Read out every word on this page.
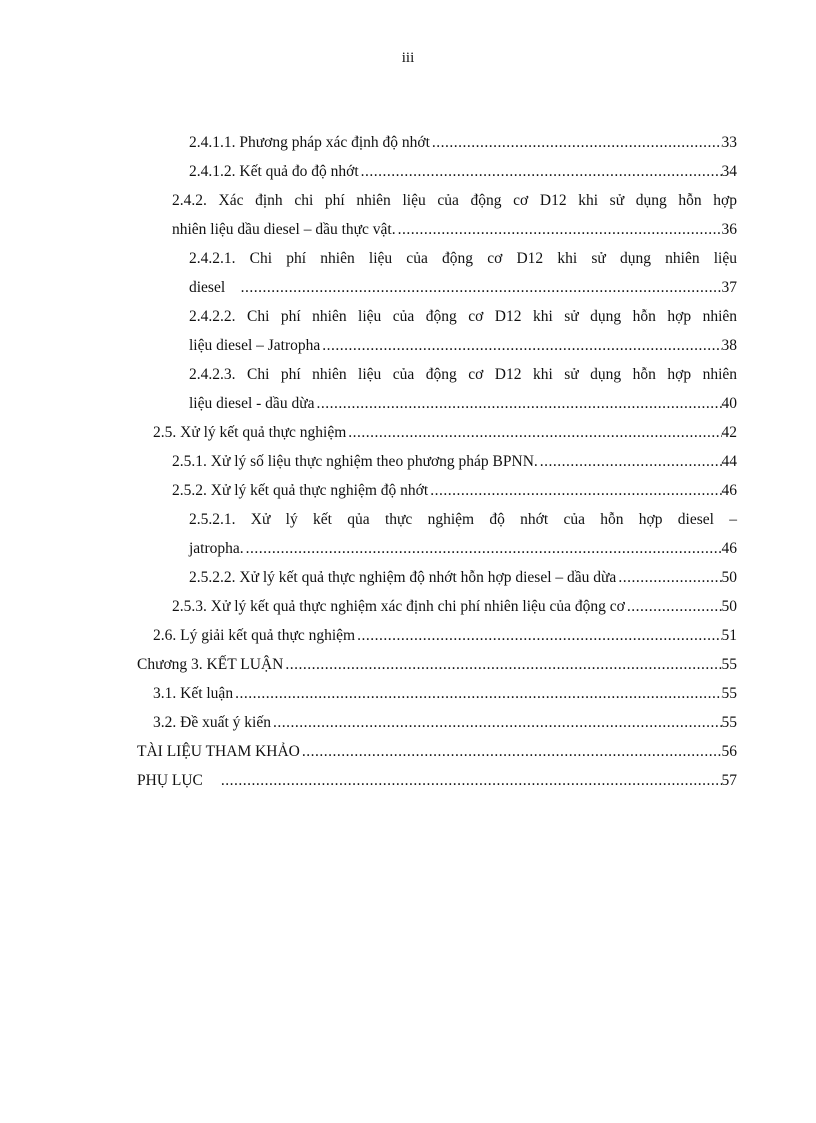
iii
2.4.1.1. Phương pháp xác định độ nhớt .....	33
2.4.1.2. Kết quả đo độ nhớt .....	34
2.4.2. Xác định chi phí nhiên liệu của động cơ D12 khi sử dụng hỗn hợp
nhiên liệu dầu diesel – dầu thực vật. .....	36
2.4.2.1. Chi phí nhiên liệu của động cơ D12 khi sử dụng nhiên liệu
diesel .....	37
2.4.2.2. Chi phí nhiên liệu của động cơ D12 khi sử dụng hỗn hợp nhiên
liệu diesel – Jatropha .....	38
2.4.2.3. Chi phí nhiên liệu của động cơ D12 khi sử dụng hỗn hợp nhiên
liệu diesel - dầu dừa .....	40
2.5. Xử lý kết quả thực nghiệm .....	42
2.5.1. Xử lý số liệu thực nghiệm theo phương pháp BPNN. .....	44
2.5.2. Xử lý kết quả thực nghiệm độ nhớt .....	46
2.5.2.1. Xử lý kết qủa thực nghiệm độ nhớt của hỗn hợp diesel –
jatropha. .....	46
2.5.2.2. Xử lý kết quả thực nghiệm độ nhớt hỗn hợp diesel – dầu dừa .....	50
2.5.3. Xử lý kết quả thực nghiệm xác định chi phí nhiên liệu của động cơ .....	50
2.6. Lý giải kết quả thực nghiệm .....	51
Chương 3. KẾT LUẬN .....	55
3.1. Kết luận .....	55
3.2. Đề xuất ý kiến .....	55
TÀI LIỆU THAM KHẢO .....	56
PHỤ LỤC .....	57
